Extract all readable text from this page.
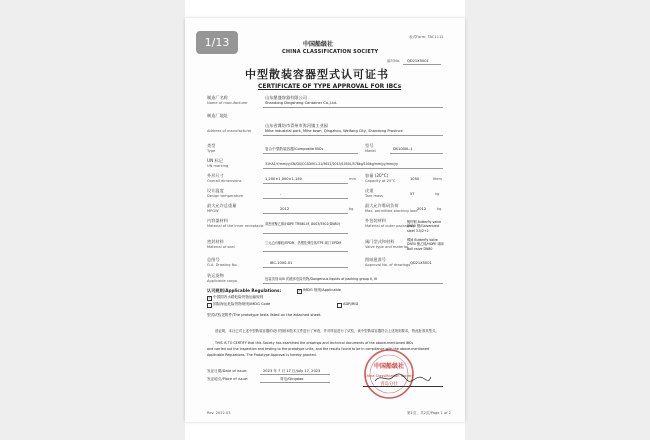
表式Form: TAC1112
中国船级社
CHINA CLASSIFICATION SOCIETY
编号No. QD21X5001
中型散装容器型式认可证书
CERTIFICATE OF TYPE APPROVAL FOR IBCs
制造厂名称
Name of manufacturer
山东鼎盛容器有限公司
Shandong Dingsheng Container Co.,Ltd.
制造厂地址
Address of manufacturer
山东省潍坊市青州市弥河镇工业园
Mihe industrial park, Mihe town, Qingzhou, Weifang City, Shandong Province
类型
Type	复合中型散装容器/Composite IBCs
型号
Model	DS1000L-1
UN 标记
UN marking	31HA1/Y/mmyy/CN/DS/CCSD001-21/5622/2013/1050L/578kg/100kg/mm/yy/mm/yy
外形尺寸
Overall dimensions	1,200×1,000×1,140	mm
容量 (20°C)
Capacity at 20°C	1050	liters
设计温度
Design temperature	-
皮重
Tare mass	57	kg
最大允许总重量
MPGW	2012	kg
最大允许堆码负荷
Max. permitted stacking load 2012	kg
内容器材料
Material of the inner receptacle 高密度聚乙烯/HDPE TR580-M, 8003/5502(DN80)
外包装材料
Material of outer packaging
镀锌钢 Butterfly valve DN50 钢/Galvanized steel 3.5/2+2
密封材料
Material of seal
三元乙丙橡胶/EPDM、热塑性弹性体/TPE 阀门 EPDM	阀门型式和材料
Valve type and material
蝶阀 Butterfly valve DN50 聚乙烯/HDPE 球阀 Ball valve DN80
总图号
G.A. Drawing No.	IBC-1000-01
图纸批准号
Approval No. of drawings QD21X5001
装运货物
Applicable cargo	包装类别 II/III 的液体危险货物/Dangerous liquids of packing group II, III
认可规则/Applicable Regulations:
✓	IMDG 规则/Applicable
✓
中国国内水路危险货物运输规则
国际海运危险货物规则/IMDG Code	ADR/RID
型式试验见附件/The prototype tests listed on the attached sheet.
兹证明，本社已对上述中型散装容器的设计图纸和技术文件进行了审查，并对样品进行了试验，该中型散装容器符合上述规则要求，特此批准其型式。
THIS IS TO CERTIFY that this Society has examined the drawings and technical documents of the above-mentioned IBCs
and carried out the inspection and testing to the prototype units, and the results found to be in compliance with the above-mentioned
Applicable Regulations. The Prototype Approval is hereby granted.
发证日期/Date of issue:	2023 年 7 月 17 日/July 17, 2023
发证地点/Place of issue:	青岛/Qingdao
中国船级社
China Classification Society
青岛分社
Rev. 2022.03	第1页，共2页/Page 1 of 2
1/13
